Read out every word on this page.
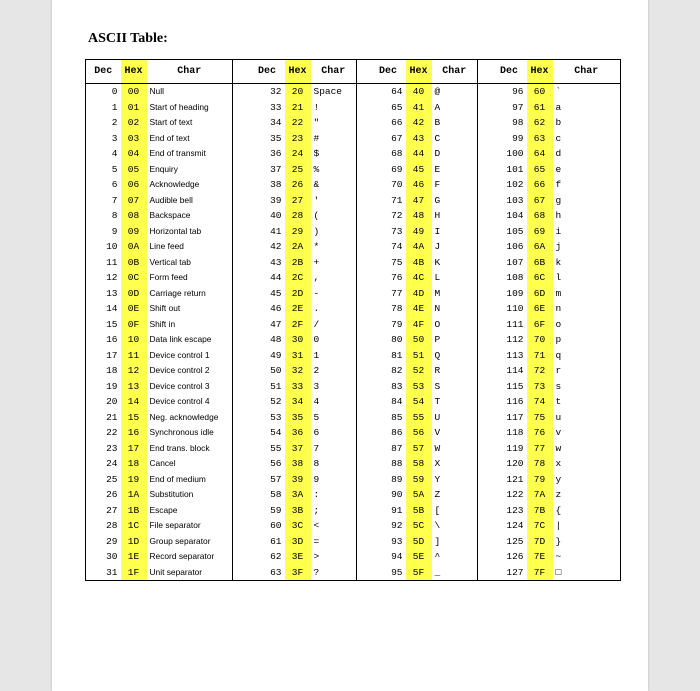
ASCII Table:
Dec	Hex	Char		Dec	Hex	Char		Dec	Hex	Char		Dec	Hex	Char
0	00	Null		32	20	Space		64	40	@		96	60	`
1	01	Start of heading		33	21	!		65	41	A		97	61	a
2	02	Start of text		34	22	"		66	42	B		98	62	b
3	03	End of text		35	23	#		67	43	C		99	63	c
4	04	End of transmit		36	24	$		68	44	D		100	64	d
5	05	Enquiry		37	25	%		69	45	E		101	65	e
6	06	Acknowledge		38	26	&		70	46	F		102	66	f
7	07	Audible bell		39	27	'		71	47	G		103	67	g
8	08	Backspace		40	28	(		72	48	H		104	68	h
9	09	Horizontal tab		41	29	)		73	49	I		105	69	i
10	0A	Line feed		42	2A	*		74	4A	J		106	6A	j
11	0B	Vertical tab		43	2B	+		75	4B	K		107	6B	k
12	0C	Form feed		44	2C	,		76	4C	L		108	6C	l
13	0D	Carriage return		45	2D	-		77	4D	M		109	6D	m
14	0E	Shift out		46	2E	.		78	4E	N		110	6E	n
15	0F	Shift in		47	2F	/		79	4F	O		111	6F	o
16	10	Data link escape		48	30	0		80	50	P		112	70	p
17	11	Device control 1		49	31	1		81	51	Q		113	71	q
18	12	Device control 2		50	32	2		82	52	R		114	72	r
19	13	Device control 3		51	33	3		83	53	S		115	73	s
20	14	Device control 4		52	34	4		84	54	T		116	74	t
21	15	Neg. acknowledge		53	35	5		85	55	U		117	75	u
22	16	Synchronous idle		54	36	6		86	56	V		118	76	v
23	17	End trans. block		55	37	7		87	57	W		119	77	w
24	18	Cancel		56	38	8		88	58	X		120	78	x
25	19	End of medium		57	39	9		89	59	Y		121	79	y
26	1A	Substitution		58	3A	:		90	5A	Z		122	7A	z
27	1B	Escape		59	3B	;		91	5B	[		123	7B	{
28	1C	File separator		60	3C	<		92	5C	\		124	7C	|
29	1D	Group separator		61	3D	=		93	5D	]		125	7D	}
30	1E	Record separator		62	3E	>		94	5E	^		126	7E	~
31	1F	Unit separator		63	3F	?		95	5F	_		127	7F	□
